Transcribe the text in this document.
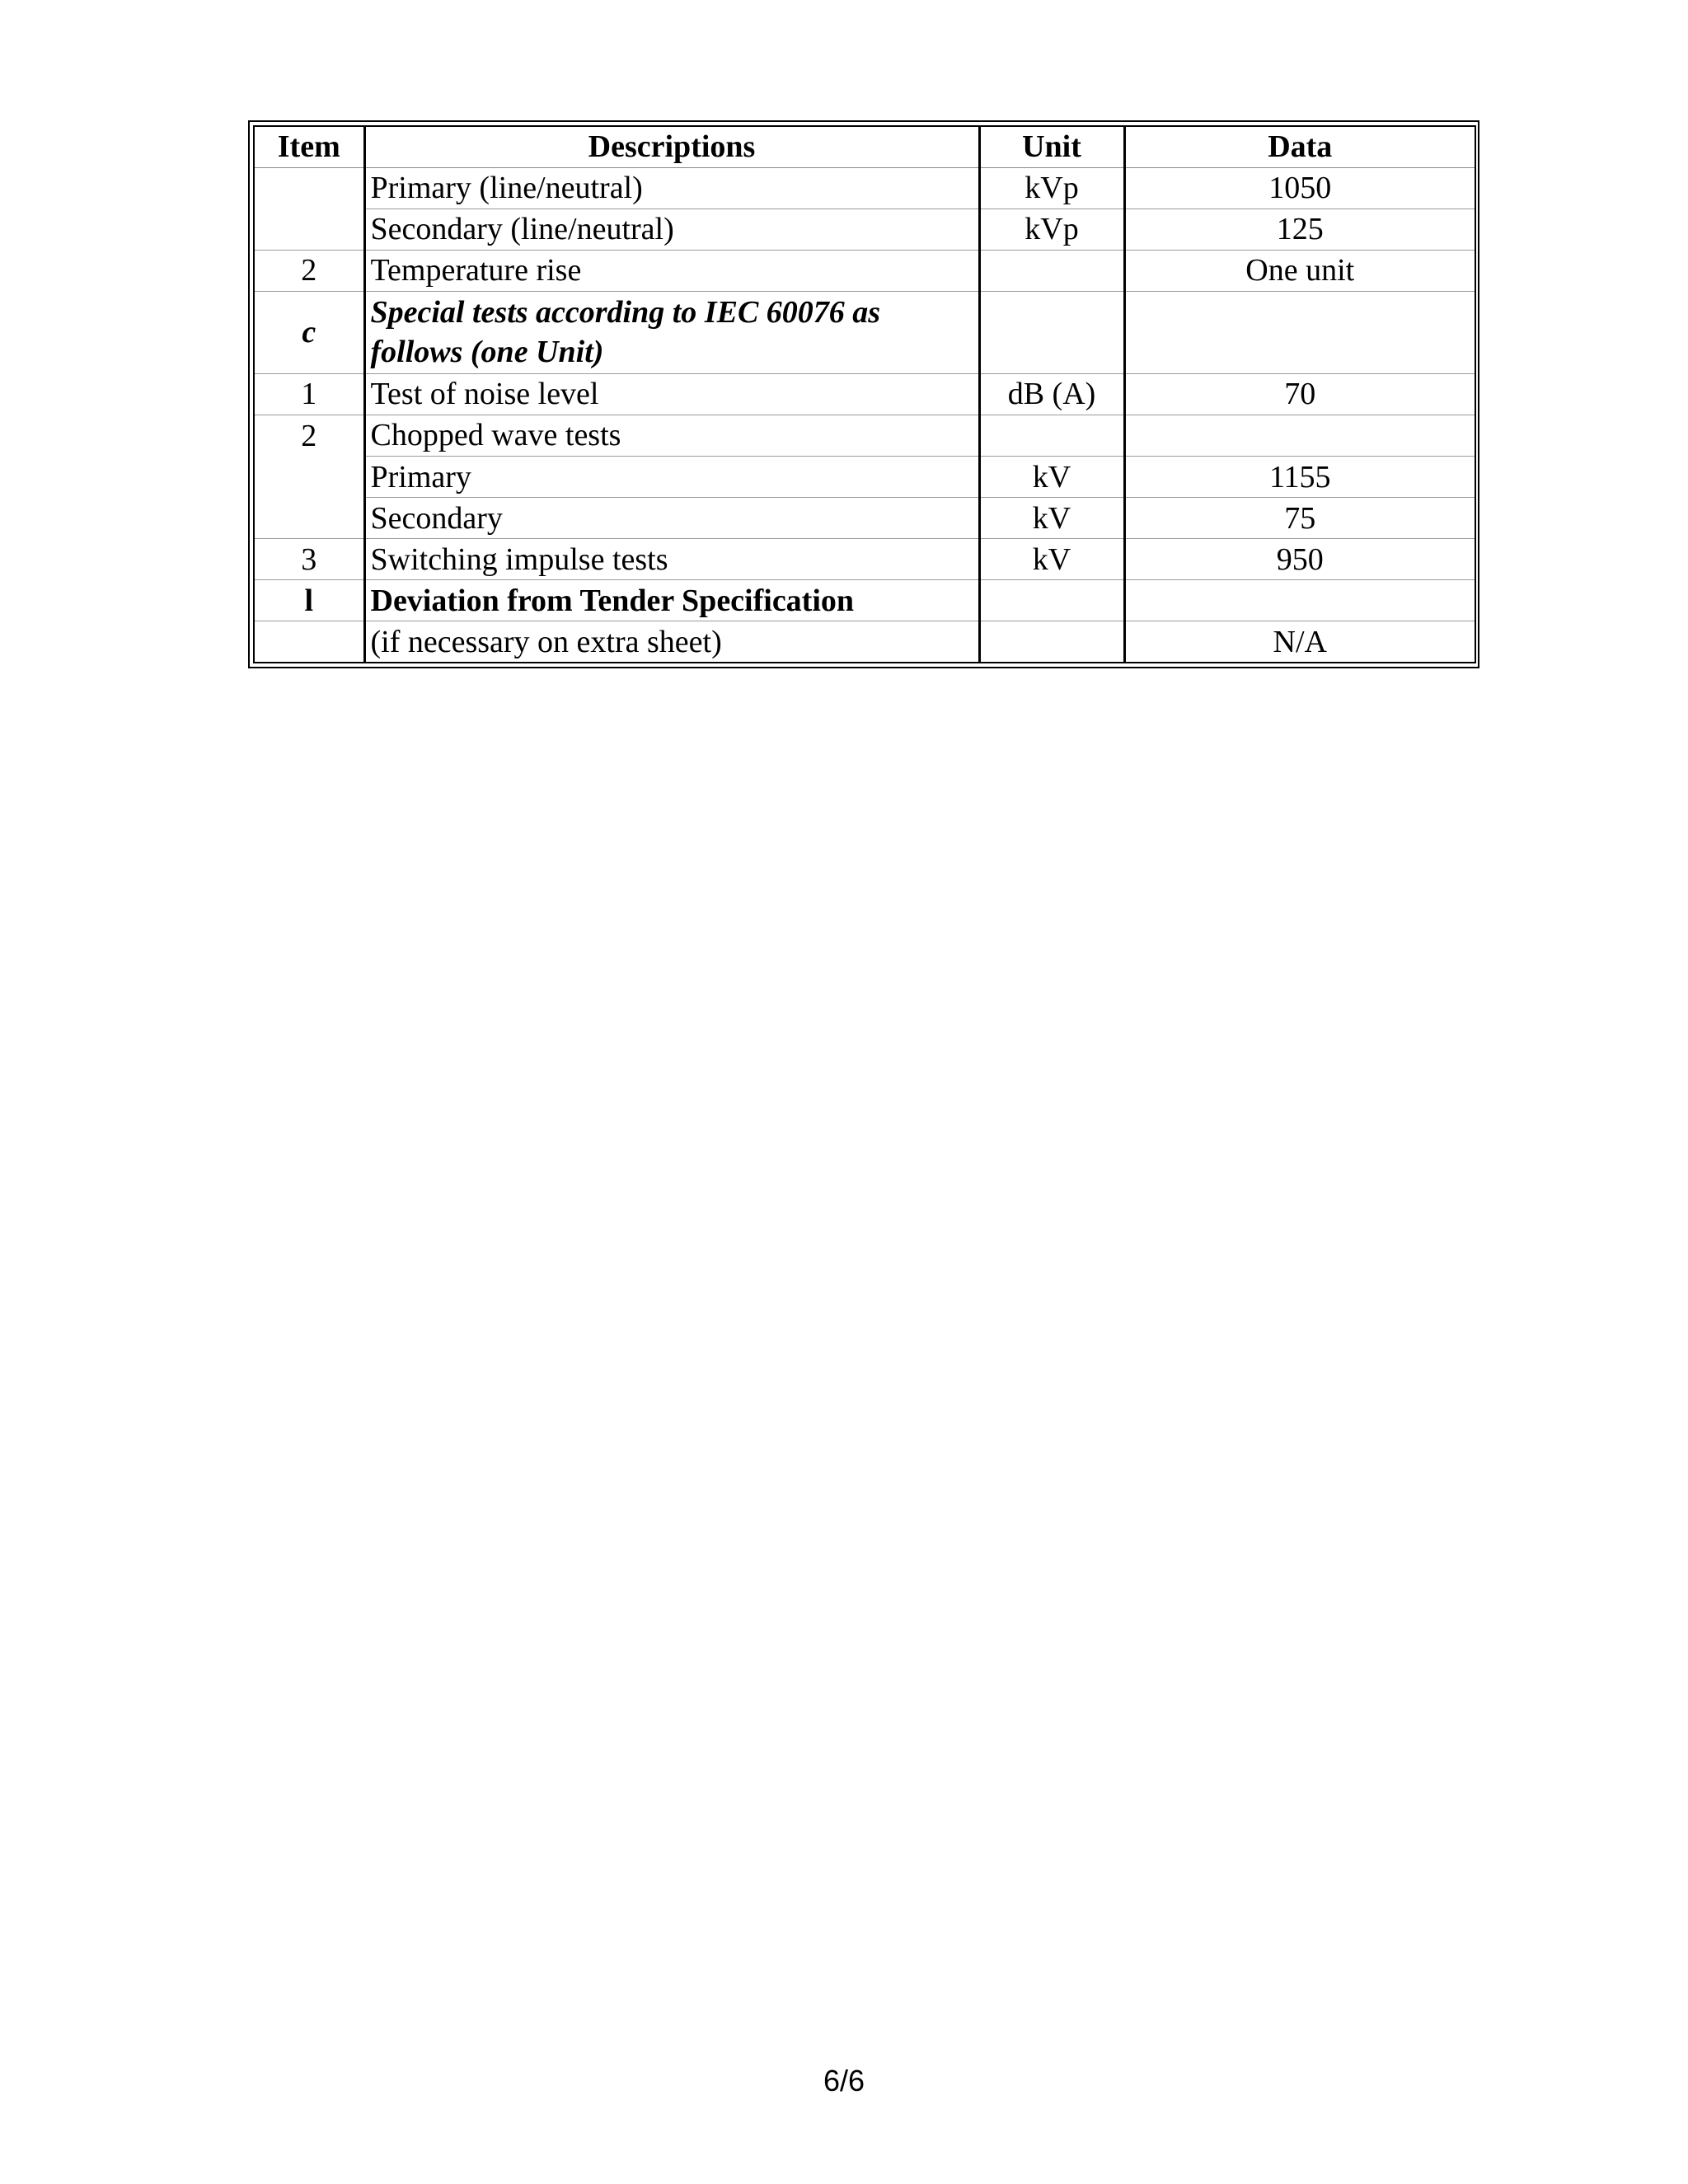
Item	Descriptions	Unit	Data
	Primary (line/neutral)	kVp	1050
	Secondary (line/neutral)	kVp	125
2	Temperature rise		One unit
c	Special tests according to IEC 60076 as follows (one Unit)		
1	Test of noise level	dB (A)	70
2	Chopped wave tests		
	Primary	kV	1155
	Secondary	kV	75
3	Switching impulse tests	kV	950
l	Deviation from Tender Specification		
	(if necessary on extra sheet)		N/A
6/6
